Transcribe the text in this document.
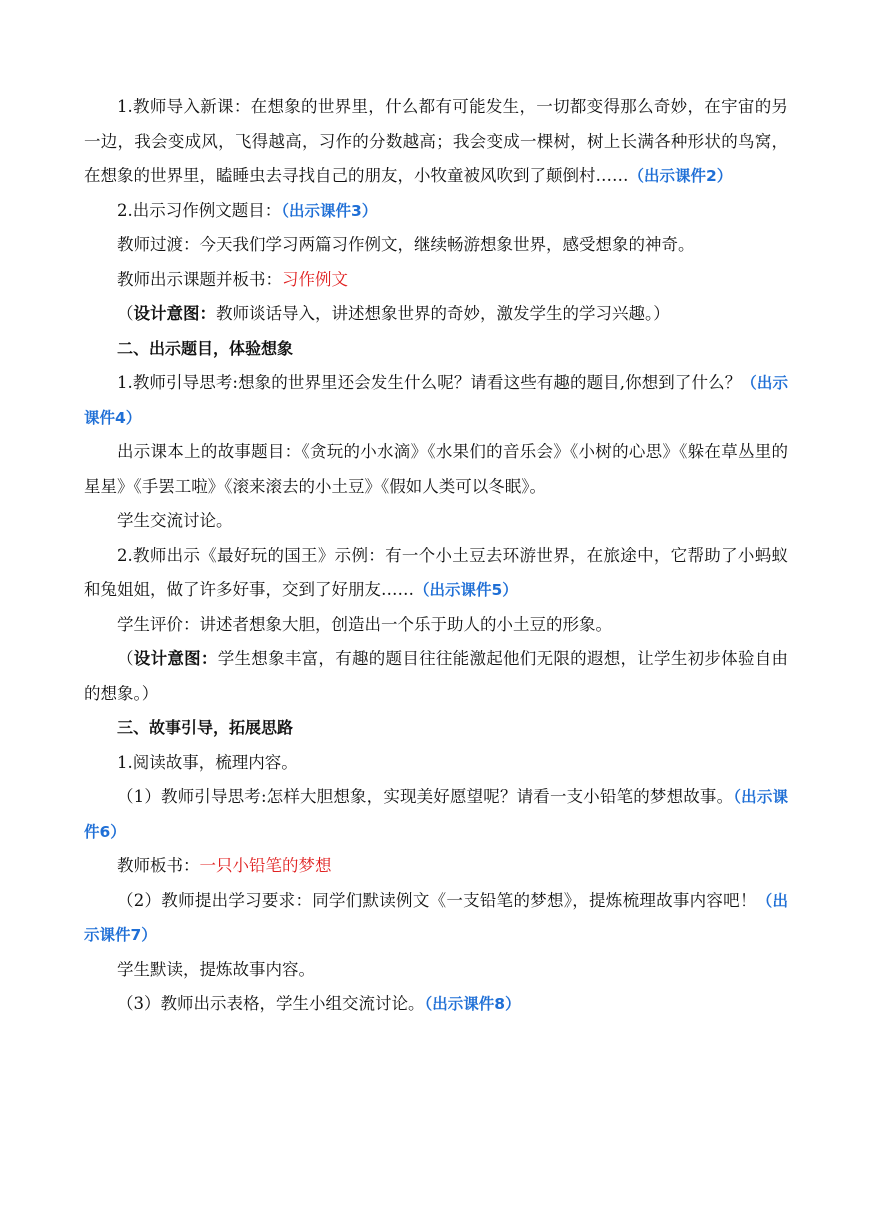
1.教师导入新课：在想象的世界里，什么都有可能发生，一切都变得那么奇妙，在宇宙的另一边，我会变成风，飞得越高，习作的分数越高；我会变成一棵树，树上长满各种形状的鸟窝，在想象的世界里，瞌睡虫去寻找自己的朋友，小牧童被风吹到了颠倒村……（出示课件2）

2.出示习作例文题目：（出示课件3）

教师过渡：今天我们学习两篇习作例文，继续畅游想象世界，感受想象的神奇。

教师出示课题并板书：习作例文

（设计意图：教师谈话导入，讲述想象世界的奇妙，激发学生的学习兴趣。）

二、出示题目，体验想象

1.教师引导思考:想象的世界里还会发生什么呢？请看这些有趣的题目,你想到了什么？（出示课件4）

出示课本上的故事题目：《贪玩的小水滴》《水果们的音乐会》《小树的心思》《躲在草丛里的星星》《手罢工啦》《滚来滚去的小土豆》《假如人类可以冬眠》。

学生交流讨论。

2.教师出示《最好玩的国王》示例：有一个小土豆去环游世界，在旅途中，它帮助了小蚂蚁和兔姐姐，做了许多好事，交到了好朋友……（出示课件5）

学生评价：讲述者想象大胆，创造出一个乐于助人的小土豆的形象。

（设计意图：学生想象丰富，有趣的题目往往能激起他们无限的遐想，让学生初步体验自由的想象。）

三、故事引导，拓展思路

1.阅读故事，梳理内容。

（1）教师引导思考:怎样大胆想象，实现美好愿望呢？请看一支小铅笔的梦想故事。（出示课件6）

教师板书：一只小铅笔的梦想

（2）教师提出学习要求：同学们默读例文《一支铅笔的梦想》，提炼梳理故事内容吧！（出示课件7）

学生默读，提炼故事内容。

（3）教师出示表格，学生小组交流讨论。（出示课件8）
